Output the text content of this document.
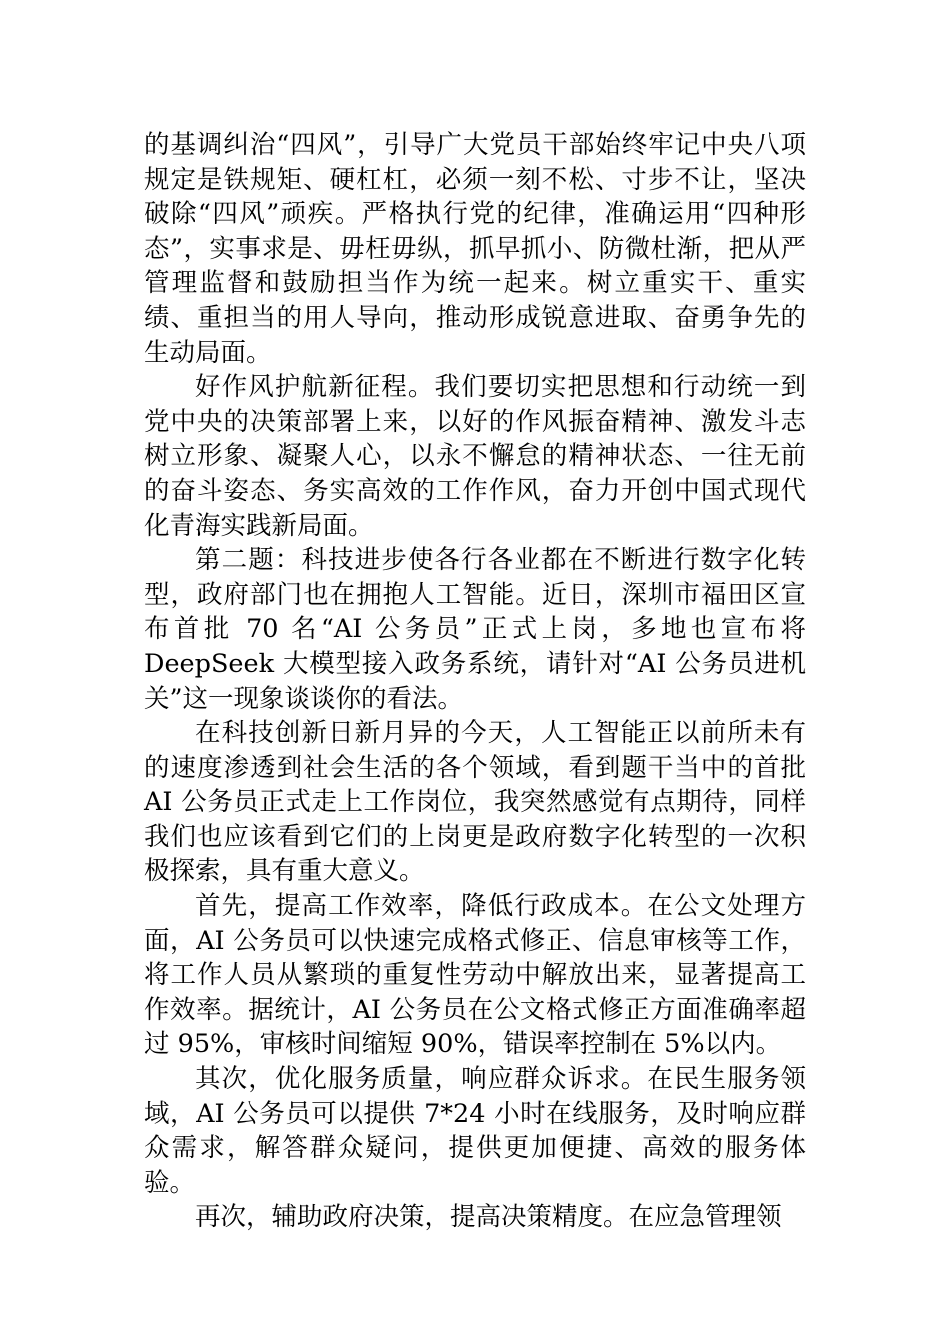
的基调纠治“四风”，引导广大党员干部始终牢记中央八项规定是铁规矩、硬杠杠，必须一刻不松、寸步不让，坚决破除“四风”顽疾。严格执行党的纪律，准确运用“四种形态”，实事求是、毋枉毋纵，抓早抓小、防微杜渐，把从严管理监督和鼓励担当作为统一起来。树立重实干、重实绩、重担当的用人导向，推动形成锐意进取、奋勇争先的生动局面。

好作风护航新征程。我们要切实把思想和行动统一到党中央的决策部署上来，以好的作风振奋精神、激发斗志树立形象、凝聚人心，以永不懈怠的精神状态、一往无前的奋斗姿态、务实高效的工作作风，奋力开创中国式现代化青海实践新局面。

第二题：科技进步使各行各业都在不断进行数字化转型，政府部门也在拥抱人工智能。近日，深圳市福田区宣布首批 70 名“AI 公务员”正式上岗，多地也宣布将 DeepSeek 大模型接入政务系统，请针对“AI 公务员进机关”这一现象谈谈你的看法。

在科技创新日新月异的今天，人工智能正以前所未有的速度渗透到社会生活的各个领域，看到题干当中的首批 AI 公务员正式走上工作岗位，我突然感觉有点期待，同样我们也应该看到它们的上岗更是政府数字化转型的一次积极探索，具有重大意义。

首先，提高工作效率，降低行政成本。在公文处理方面，AI 公务员可以快速完成格式修正、信息审核等工作，将工作人员从繁琐的重复性劳动中解放出来，显著提高工作效率。据统计，AI 公务员在公文格式修正方面准确率超过 95%，审核时间缩短 90%，错误率控制在 5%以内。

其次，优化服务质量，响应群众诉求。在民生服务领域，AI 公务员可以提供 7*24 小时在线服务，及时响应群众需求，解答群众疑问，提供更加便捷、高效的服务体验。

再次，辅助政府决策，提高决策精度。在应急管理领
